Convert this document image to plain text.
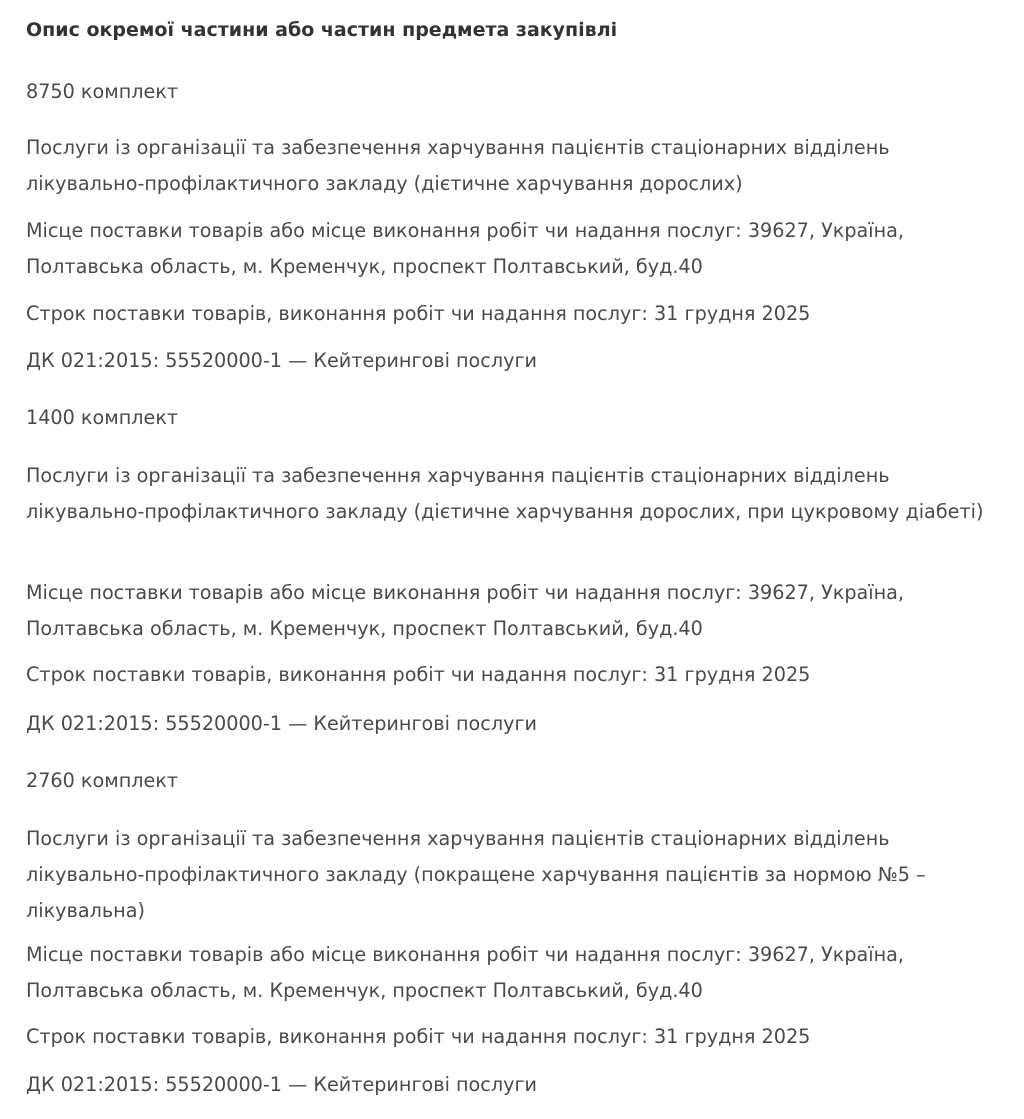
Опис окремої частини або частин предмета закупівлі

8750 комплект

Послуги із організації та забезпечення харчування пацієнтів стаціонарних відділень лікувально-профілактичного закладу (дієтичне харчування дорослих)

Місце поставки товарів або місце виконання робіт чи надання послуг: 39627, Україна, Полтавська область, м. Кременчук, проспект Полтавський, буд.40

Строк поставки товарів, виконання робіт чи надання послуг: 31 грудня 2025

ДК 021:2015: 55520000-1 — Кейтерингові послуги

1400 комплект

Послуги із організації та забезпечення харчування пацієнтів стаціонарних відділень лікувально-профілактичного закладу (дієтичне харчування дорослих, при цукровому діабеті)

Місце поставки товарів або місце виконання робіт чи надання послуг: 39627, Україна, Полтавська область, м. Кременчук, проспект Полтавський, буд.40

Строк поставки товарів, виконання робіт чи надання послуг: 31 грудня 2025

ДК 021:2015: 55520000-1 — Кейтерингові послуги

2760 комплект

Послуги із організації та забезпечення харчування пацієнтів стаціонарних відділень лікувально-профілактичного закладу (покращене харчування пацієнтів за нормою №5 – лікувальна)

Місце поставки товарів або місце виконання робіт чи надання послуг: 39627, Україна, Полтавська область, м. Кременчук, проспект Полтавський, буд.40

Строк поставки товарів, виконання робіт чи надання послуг: 31 грудня 2025

ДК 021:2015: 55520000-1 — Кейтерингові послуги
